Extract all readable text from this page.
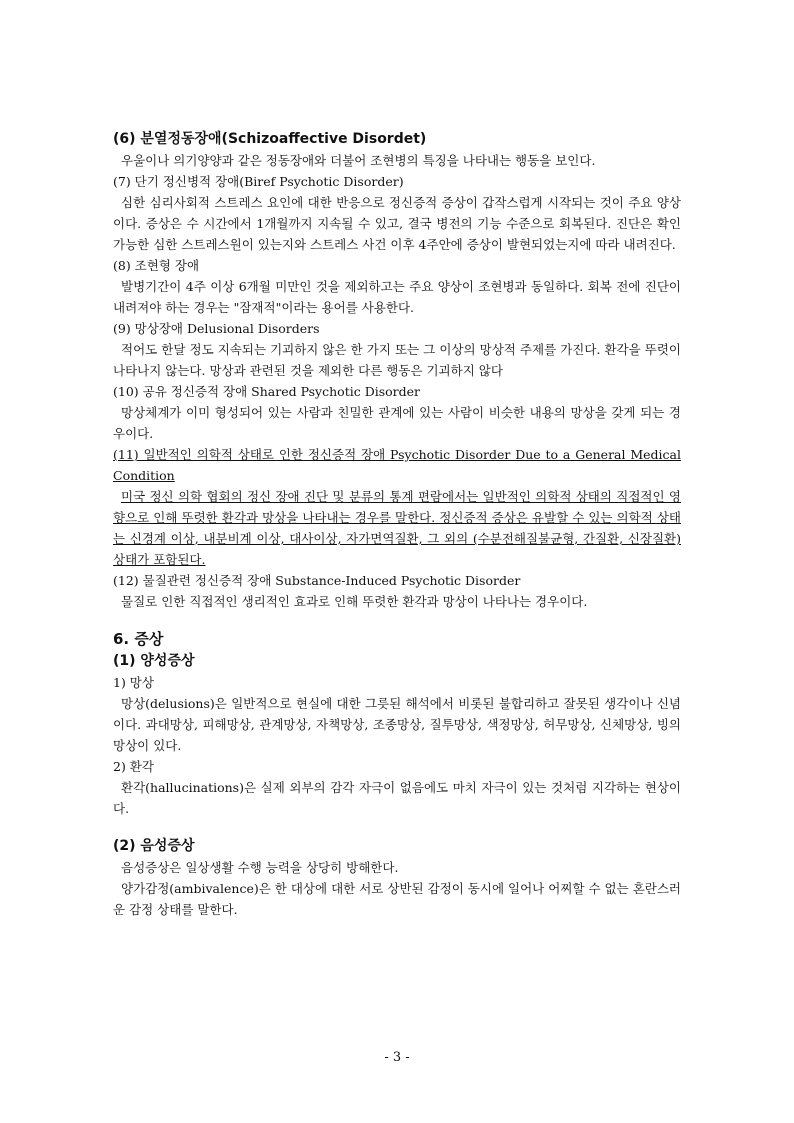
(6) 분열정동장애(Schizoaffective Disordet)

우울이나 의기양양과 같은 정동장애와 더불어 조현병의 특징을 나타내는 행동을 보인다.

(7) 단기 정신병적 장애(Biref Psychotic Disorder)

심한 심리사회적 스트레스 요인에 대한 반응으로 정신증적 증상이 갑작스럽게 시작되는 것이 주요 양상이다. 증상은 수 시간에서 1개월까지 지속될 수 있고, 결국 병전의 기능 수준으로 회복된다. 진단은 확인 가능한 심한 스트레스원이 있는지와 스트레스 사건 이후 4주안에 증상이 발현되었는지에 따라 내려진다.

(8) 조현형 장애

발병기간이 4주 이상 6개월 미만인 것을 제외하고는 주요 양상이 조현병과 동일하다. 회복 전에 진단이 내려져야 하는 경우는 "잠재적"이라는 용어를 사용한다.

(9) 망상장애 Delusional Disorders

적어도 한달 정도 지속되는 기괴하지 않은 한 가지 또는 그 이상의 망상적 주제를 가진다. 환각을 뚜렷이 나타나지 않는다. 망상과 관련된 것을 제외한 다른 행동은 기괴하지 않다

(10) 공유 정신증적 장애 Shared Psychotic Disorder

망상체계가 이미 형성되어 있는 사람과 친밀한 관계에 있는 사람이 비슷한 내용의 망상을 갖게 되는 경우이다.

(11) 일반적인 의학적 상태로 인한 정신증적 장애 Psychotic Disorder Due to a General Medical Condition

미국 정신 의학 협회의 정신 장애 진단 및 분류의 통계 편람에서는 일반적인 의학적 상태의 직접적인 영향으로 인해 뚜렷한 환각과 망상을 나타내는 경우를 말한다. 정신증적 증상은 유발할 수 있는 의학적 상태는 신경계 이상, 내분비계 이상, 대사이상, 자가면역질환, 그 외의 (수분전해질불균형, 간질환, 신장질환) 상태가 포함된다.

(12) 물질관련 정신증적 장애 Substance-Induced Psychotic Disorder

물질로 인한 직접적인 생리적인 효과로 인해 뚜렷한 환각과 망상이 나타나는 경우이다.

6. 증상

(1) 양성증상

1) 망상

망상(delusions)은 일반적으로 현실에 대한 그릇된 해석에서 비롯된 불합리하고 잘못된 생각이나 신념이다. 과대망상, 피해망상, 관계망상, 자책망상, 조종망상, 질투망상, 색정망상, 허무망상, 신체망상, 빙의망상이 있다.

2) 환각

환각(hallucinations)은 실제 외부의 감각 자극이 없음에도 마치 자극이 있는 것처럼 지각하는 현상이다.

(2) 음성증상

음성증상은 일상생활 수행 능력을 상당히 방해한다.

양가감정(ambivalence)은 한 대상에 대한 서로 상반된 감정이 동시에 일어나 어찌할 수 없는 혼란스러운 감정 상태를 말한다.

- 3 -
